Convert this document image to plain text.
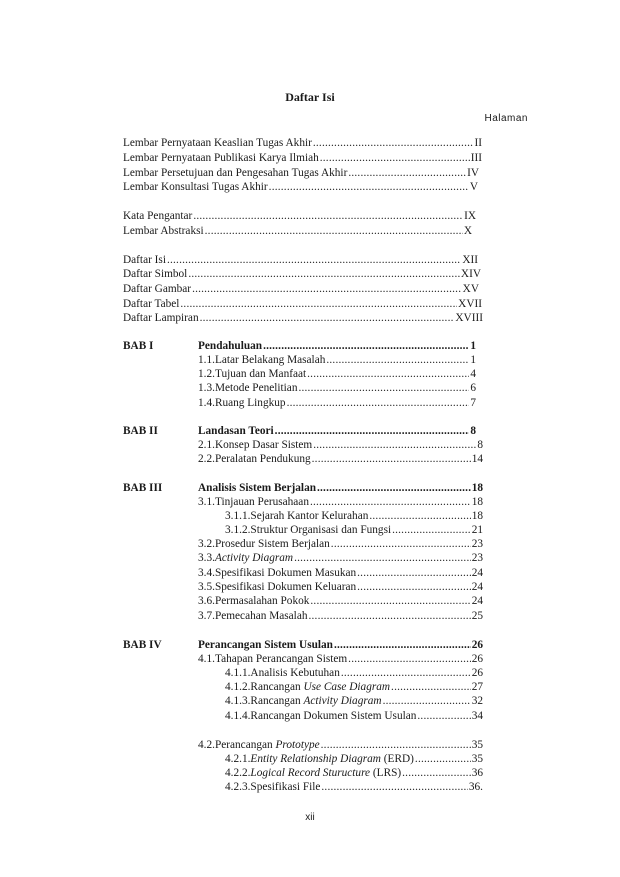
Daftar Isi
Halaman
Lembar Pernyataan Keaslian Tugas Akhir .....	II
Lembar Pernyataan Publikasi Karya Ilmiah .....	III
Lembar Persetujuan dan Pengesahan Tugas Akhir .....	IV
Lembar Konsultasi Tugas Akhir .....	V
Kata Pengantar .....	IX
Lembar Abstraksi .....	X
Daftar Isi .....	XII
Daftar Simbol .....	XIV
Daftar Gambar .....	XV
Daftar Tabel .....	XVII
Daftar Lampiran .....	XVIII
BAB I	Pendahuluan .....	1
1.1. Latar Belakang Masalah .....	1
1.2. Tujuan dan Manfaat .....	4
1.3. Metode Penelitian .....	6
1.4. Ruang Lingkup .....	7
BAB II	Landasan Teori .....	8
2.1. Konsep Dasar Sistem .....	8
2.2. Peralatan Pendukung .....	14
BAB III	Analisis Sistem Berjalan .....	18
3.1. Tinjauan Perusahaan .....	18
3.1.1. Sejarah Kantor Kelurahan .....	18
3.1.2. Struktur Organisasi dan Fungsi .....	21
3.2. Prosedur Sistem Berjalan .....	23
3.3. Activity Diagram .....	23
3.4. Spesifikasi Dokumen Masukan .....	24
3.5. Spesifikasi Dokumen Keluaran .....	24
3.6. Permasalahan Pokok .....	24
3.7. Pemecahan Masalah .....	25
BAB IV	Perancangan Sistem Usulan .....	26
4.1. Tahapan Perancangan Sistem .....	26
4.1.1. Analisis Kebutuhan .....	26
4.1.2. Rancangan Use Case Diagram .....	27
4.1.3. Rancangan Activity Diagram .....	32
4.1.4. Rancangan Dokumen Sistem Usulan .....	34
4.2. Perancangan Prototype .....	35
4.2.1. Entity Relationship Diagram (ERD) .....	35
4.2.2. Logical Record Sturucture (LRS) .....	36
4.2.3. Spesifikasi File .....	36.
xii
